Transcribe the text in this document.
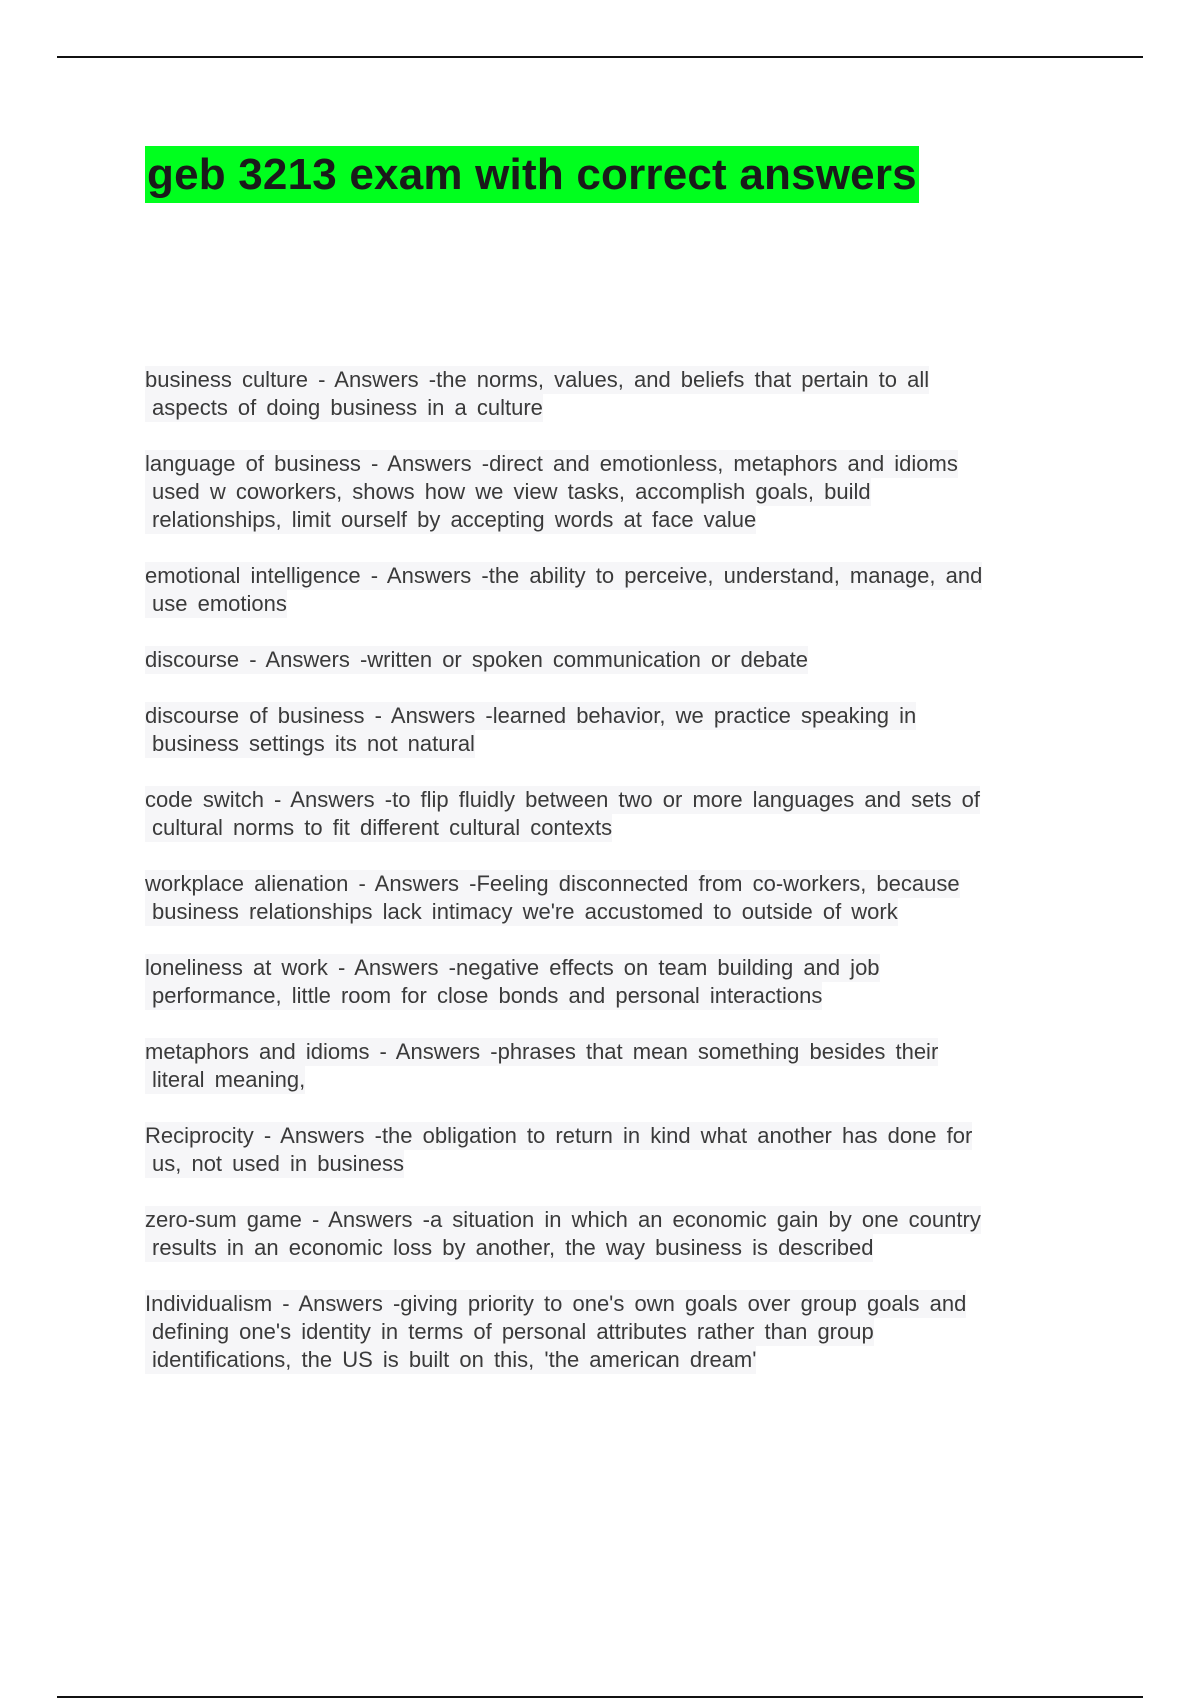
geb 3213 exam with correct answers
business culture - Answers -the norms, values, and beliefs that pertain to all
aspects of doing business in a culture
language of business - Answers -direct and emotionless, metaphors and idioms
used w coworkers, shows how we view tasks, accomplish goals, build
relationships, limit ourself by accepting words at face value
emotional intelligence - Answers -the ability to perceive, understand, manage, and
use emotions
discourse - Answers -written or spoken communication or debate
discourse of business - Answers -learned behavior, we practice speaking in
business settings its not natural
code switch - Answers -to flip fluidly between two or more languages and sets of
cultural norms to fit different cultural contexts
workplace alienation - Answers -Feeling disconnected from co-workers, because
business relationships lack intimacy we're accustomed to outside of work
loneliness at work - Answers -negative effects on team building and job
performance, little room for close bonds and personal interactions
metaphors and idioms - Answers -phrases that mean something besides their
literal meaning,
Reciprocity - Answers -the obligation to return in kind what another has done for
us, not used in business
zero-sum game - Answers -a situation in which an economic gain by one country
results in an economic loss by another, the way business is described
Individualism - Answers -giving priority to one's own goals over group goals and
defining one's identity in terms of personal attributes rather than group
identifications, the US is built on this, 'the american dream'
